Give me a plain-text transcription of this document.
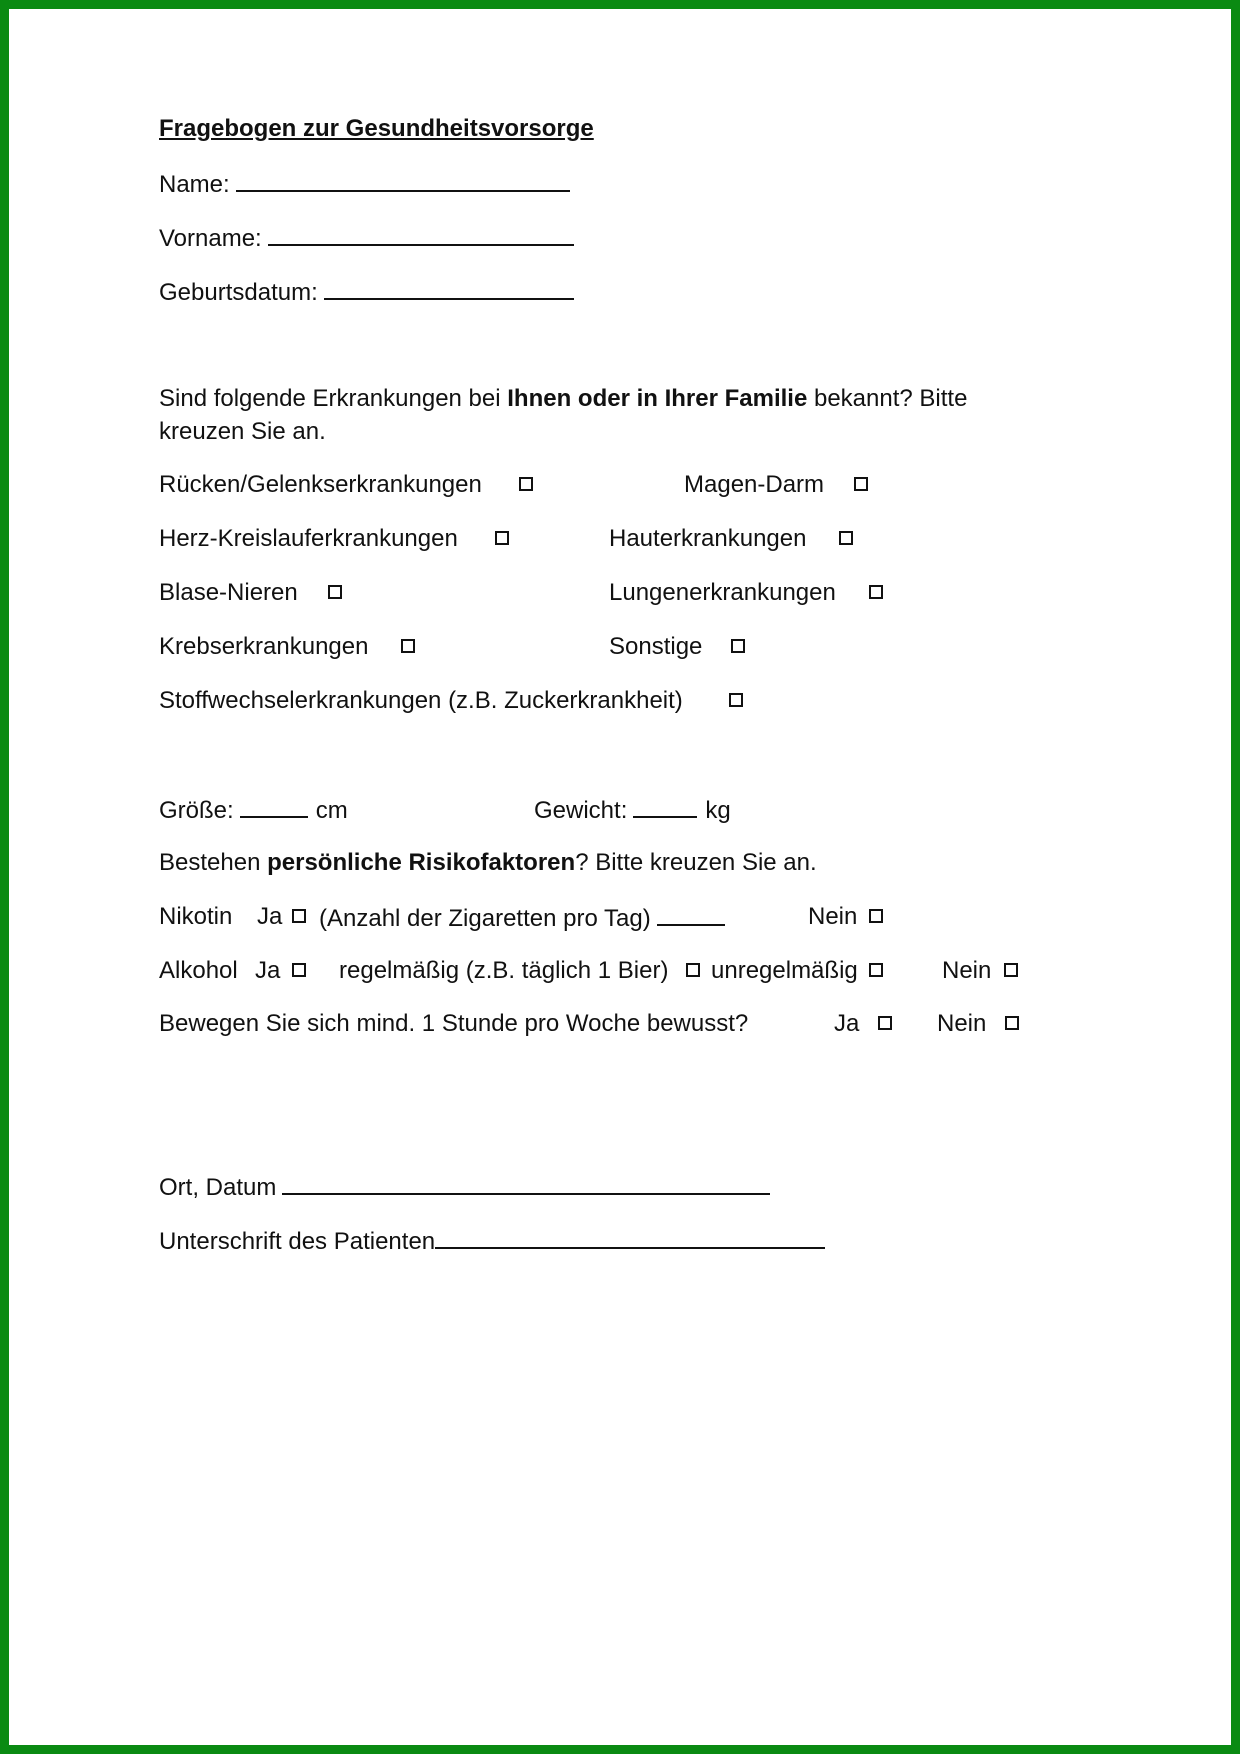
Fragebogen zur Gesundheitsvorsorge
Name:
Vorname:
Geburtsdatum:
Sind folgende Erkrankungen bei Ihnen oder in Ihrer Familie bekannt? Bitte
kreuzen Sie an.
Rücken/Gelenkserkrankungen	Magen-Darm
Herz-Kreislauferkrankungen	Hauterkrankungen
Blase-Nieren	Lungenerkrankungen
Krebserkrankungen	Sonstige
Stoffwechselerkrankungen (z.B. Zuckerkrankheit)
Größe:	cm	Gewicht:	kg
Bestehen persönliche Risikofaktoren? Bitte kreuzen Sie an.
Nikotin Ja (Anzahl der Zigaretten pro Tag)	Nein
Alkohol Ja regelmäßig (z.B. täglich 1 Bier) unregelmäßig	Nein
Bewegen Sie sich mind. 1 Stunde pro Woche bewusst?	Ja	Nein
Ort, Datum
Unterschrift des Patienten
